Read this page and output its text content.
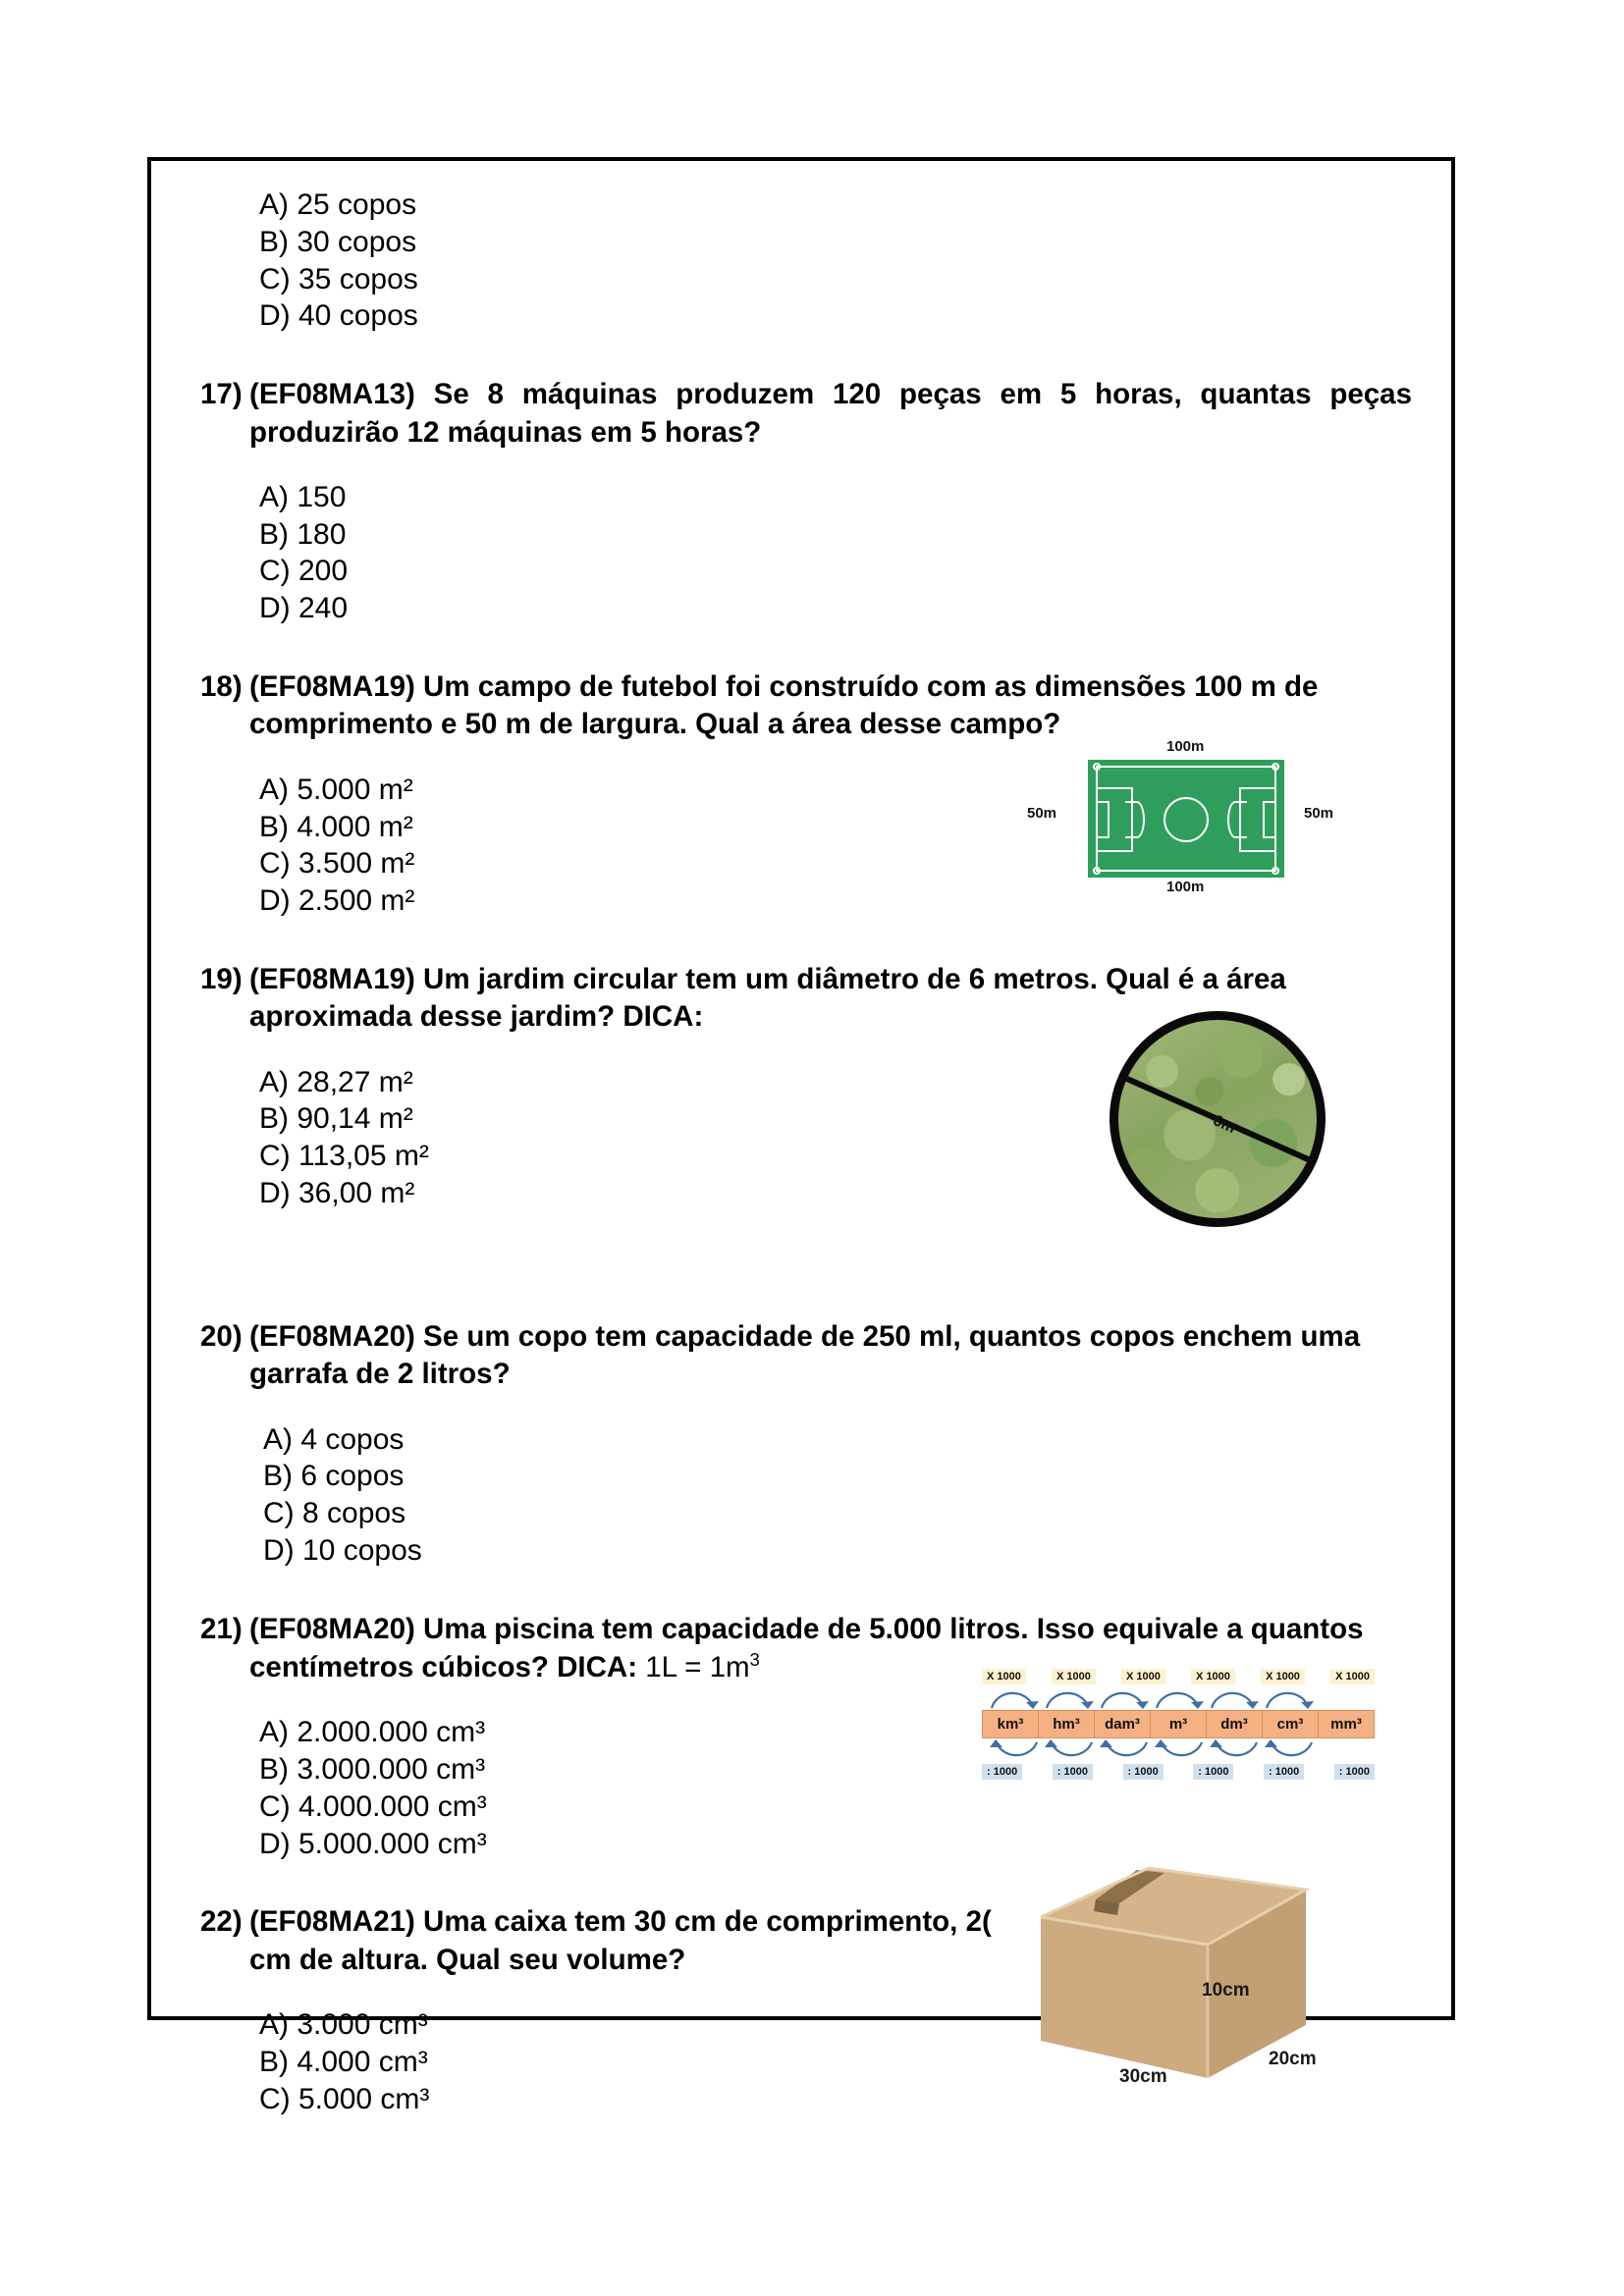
A) 25 copos
B) 30 copos
C) 35 copos
D) 40 copos
17) (EF08MA13) Se 8 máquinas produzem 120 peças em 5 horas, quantas peças produzirão 12 máquinas em 5 horas?
A) 150
B) 180
C) 200
D) 240
18) (EF08MA19) Um campo de futebol foi construído com as dimensões 100 m de comprimento e 50 m de largura. Qual a área desse campo?
A) 5.000 m²
B) 4.000 m²
C) 3.500 m²
D) 2.500 m²
19) (EF08MA19) Um jardim circular tem um diâmetro de 6 metros. Qual é a área aproximada desse jardim? DICA:
A) 28,27 m²
B) 90,14 m²
C) 113,05 m²
D) 36,00 m²
20) (EF08MA20) Se um copo tem capacidade de 250 ml, quantos copos enchem uma garrafa de 2 litros?
A) 4 copos
B) 6 copos
C) 8 copos
D) 10 copos
21) (EF08MA20) Uma piscina tem capacidade de 5.000 litros. Isso equivale a quantos centímetros cúbicos? DICA: $1L = 1m^3$
A) 2.000.000 cm³
B) 3.000.000 cm³
C) 4.000.000 cm³
D) 5.000.000 cm³
22) (EF08MA21) Uma caixa tem 30 cm de comprimento, 2(
cm de altura. Qual seu volume?
A) 3.000 cm³
B) 4.000 cm³
C) 5.000 cm³
100m
100m
50m	50m
6m
X 1000	X 1000	X 1000	X 1000	X 1000	X 1000
km³	hm³	dam³	m³	dm³	cm³	mm³
: 1000	: 1000	: 1000	: 1000	: 1000	: 1000
10cm
20cm
30cm
